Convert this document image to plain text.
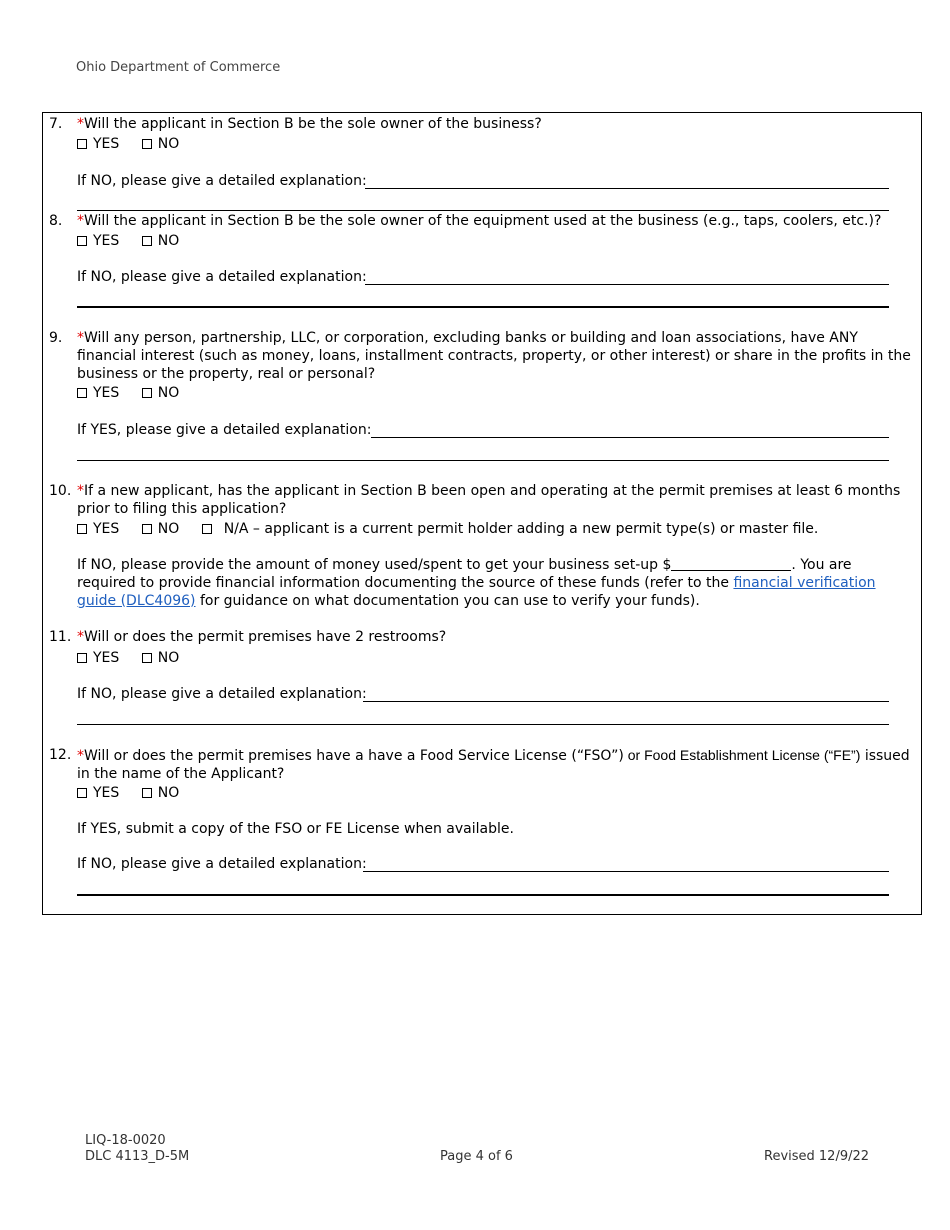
Ohio Department of Commerce
7. *Will the applicant in Section B be the sole owner of the business?
YES	NO
If NO, please give a detailed explanation:
8. *Will the applicant in Section B be the sole owner of the equipment used at the business (e.g., taps, coolers, etc.)?
YES	NO
If NO, please give a detailed explanation:
9. *Will any person, partnership, LLC, or corporation, excluding banks or building and loan associations, have ANY financial interest (such as money, loans, installment contracts, property, or other interest) or share in the profits in the business or the property, real or personal?
YES	NO
If YES, please give a detailed explanation:
10. *If a new applicant, has the applicant in Section B been open and operating at the permit premises at least 6 months prior to filing this application?
YES	NO	N/A – applicant is a current permit holder adding a new permit type(s) or master file.
If NO, please provide the amount of money used/spent to get your business set-up $	. You are required to provide financial information documenting the source of these funds (refer to the financial verification guide (DLC4096) for guidance on what documentation you can use to verify your funds).
11. *Will or does the permit premises have 2 restrooms?
YES	NO
If NO, please give a detailed explanation:
12. *Will or does the permit premises have a have a Food Service License (“FSO”) or Food Establishment License (“FE”) issued in the name of the Applicant?
YES	NO
If YES, submit a copy of the FSO or FE License when available.
If NO, please give a detailed explanation:
LIQ-18-0020
DLC 4113_D-5M	Page 4 of 6	Revised 12/9/22
